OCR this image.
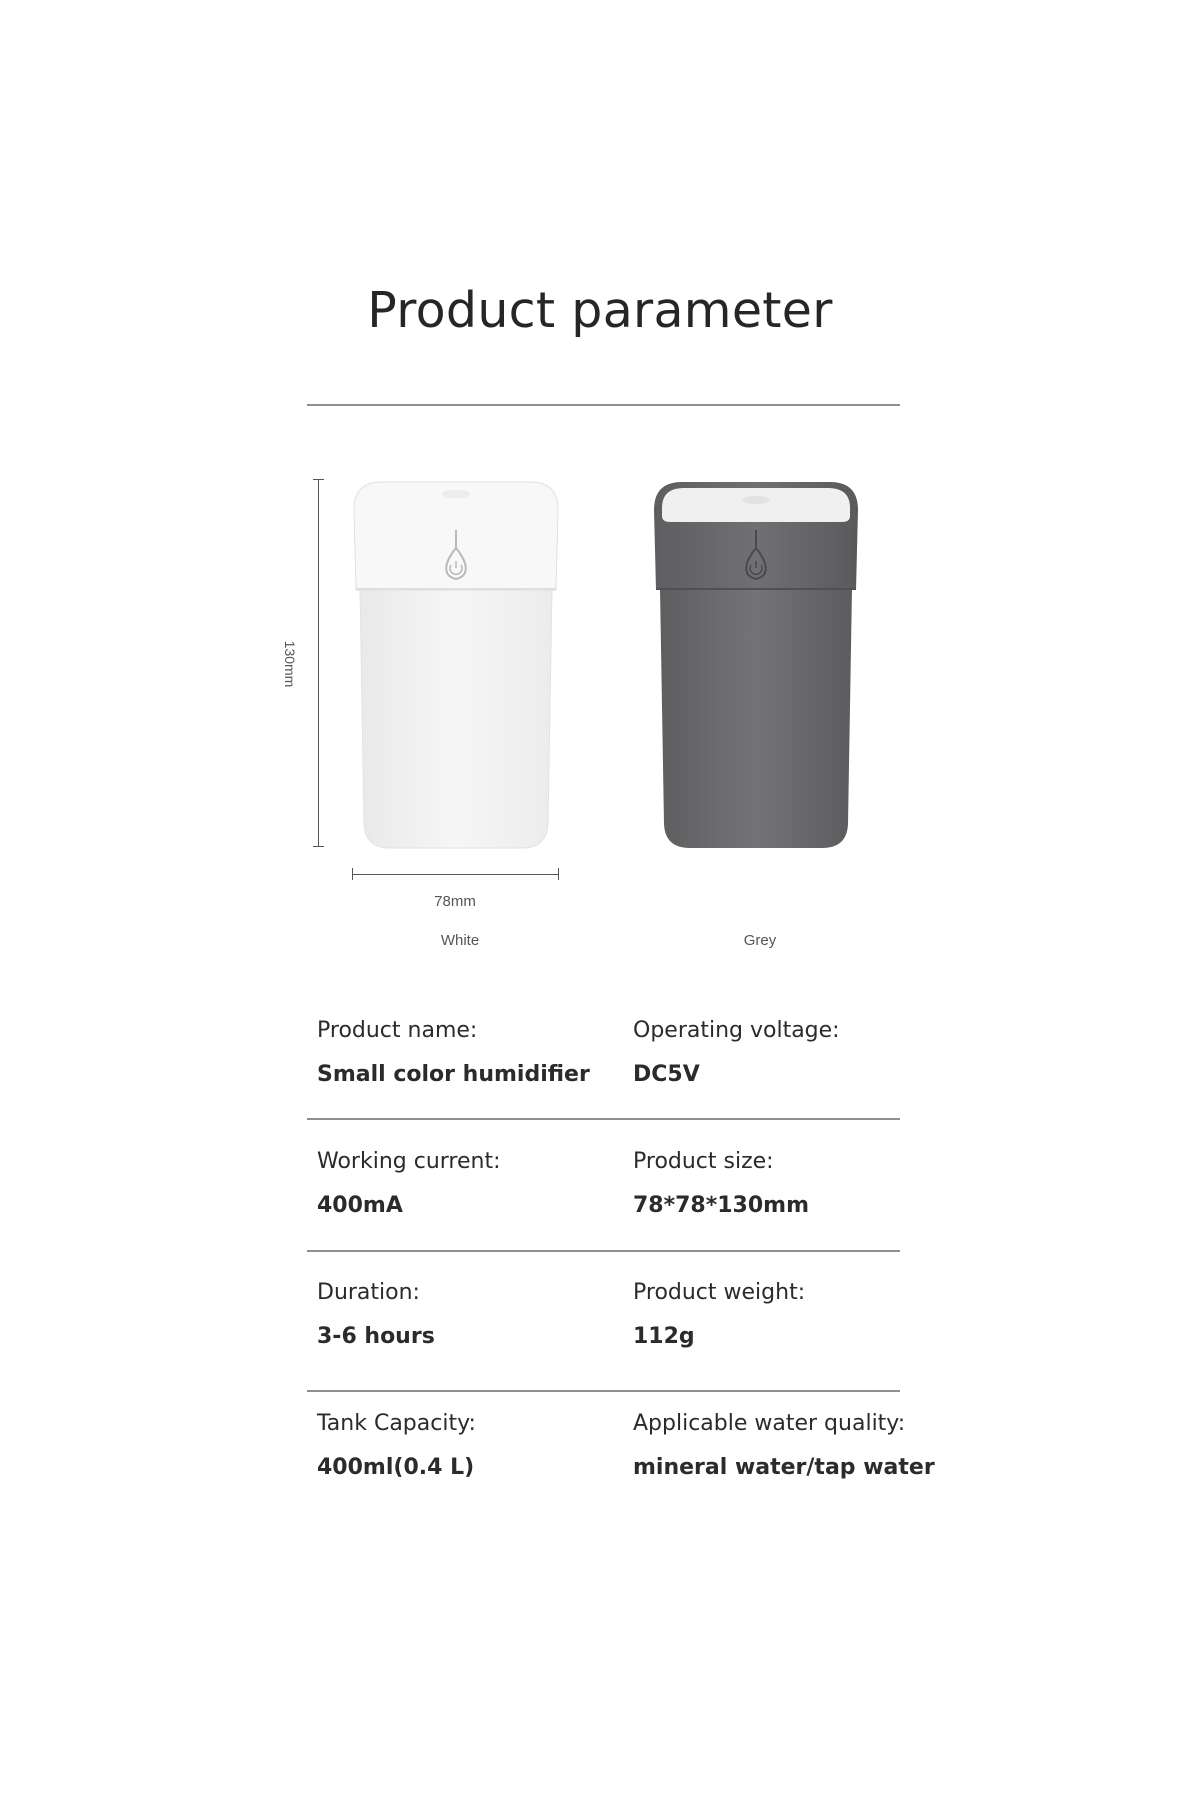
Product parameter
130mm
78mm
White	Grey
Product name:
Small color humidifier
Operating voltage:
DC5V
Working current:
400mA
Product size:
78*78*130mm
Duration:
3-6 hours
Product weight:
112g
Tank Capacity:
400ml(0.4 L)
Applicable water quality:
mineral water/tap water
